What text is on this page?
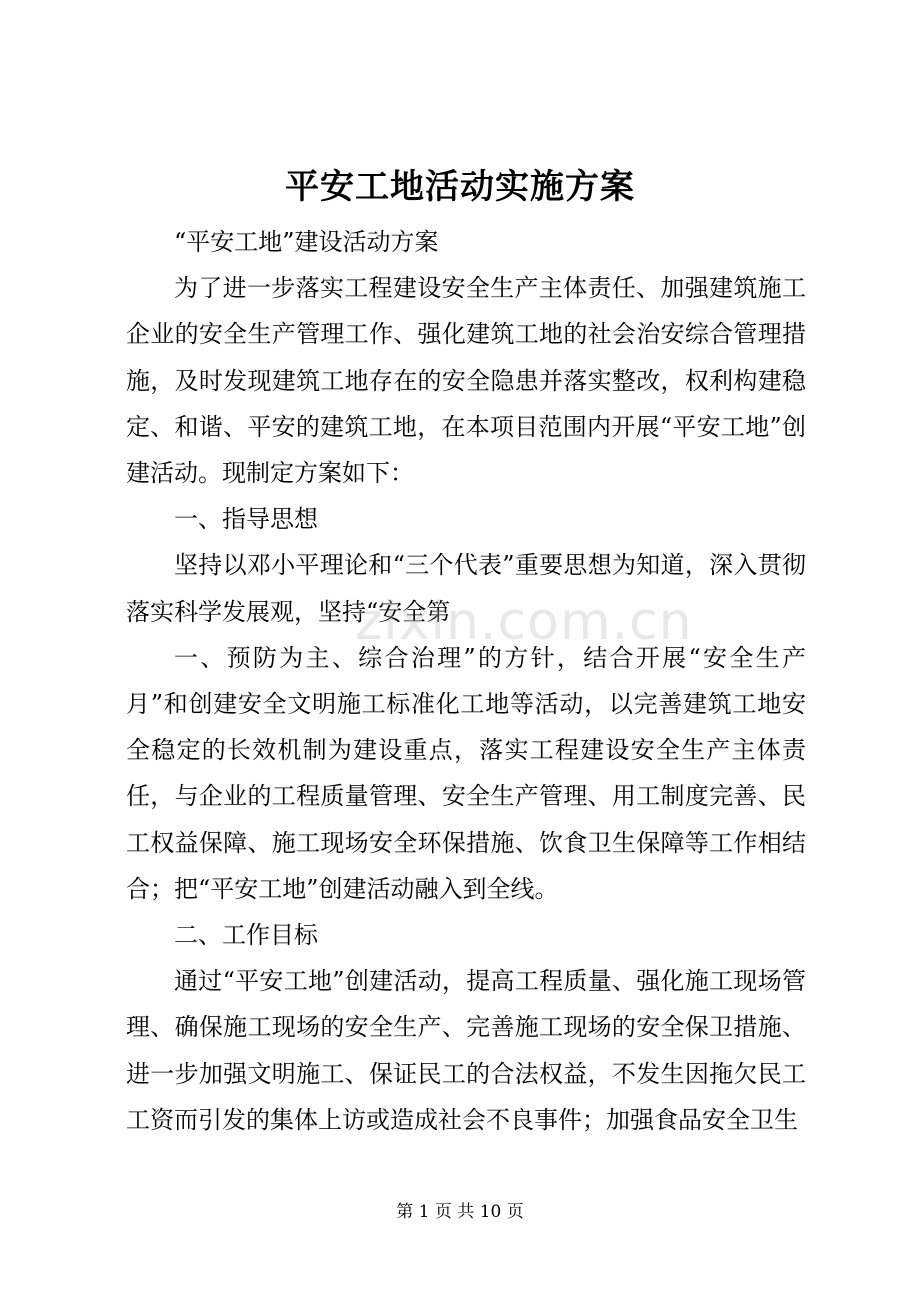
平安工地活动实施方案

“平安工地”建设活动方案

为了进一步落实工程建设安全生产主体责任、加强建筑施工企业的安全生产管理工作、强化建筑工地的社会治安综合管理措施，及时发现建筑工地存在的安全隐患并落实整改，权利构建稳定、和谐、平安的建筑工地，在本项目范围内开展“平安工地”创建活动。现制定方案如下：

一、指导思想

坚持以邓小平理论和“三个代表”重要思想为知道，深入贯彻落实科学发展观，坚持“安全第

一、预防为主、综合治理”的方针，结合开展“安全生产月”和创建安全文明施工标准化工地等活动，以完善建筑工地安全稳定的长效机制为建设重点，落实工程建设安全生产主体责任，与企业的工程质量管理、安全生产管理、用工制度完善、民工权益保障、施工现场安全环保措施、饮食卫生保障等工作相结合；把“平安工地”创建活动融入到全线。

二、工作目标

通过“平安工地”创建活动，提高工程质量、强化施工现场管理、确保施工现场的安全生产、完善施工现场的安全保卫措施、进一步加强文明施工、保证民工的合法权益，不发生因拖欠民工工资而引发的集体上访或造成社会不良事件；加强食品安全卫生

zixin.com.cn
第 1 页 共 10 页
